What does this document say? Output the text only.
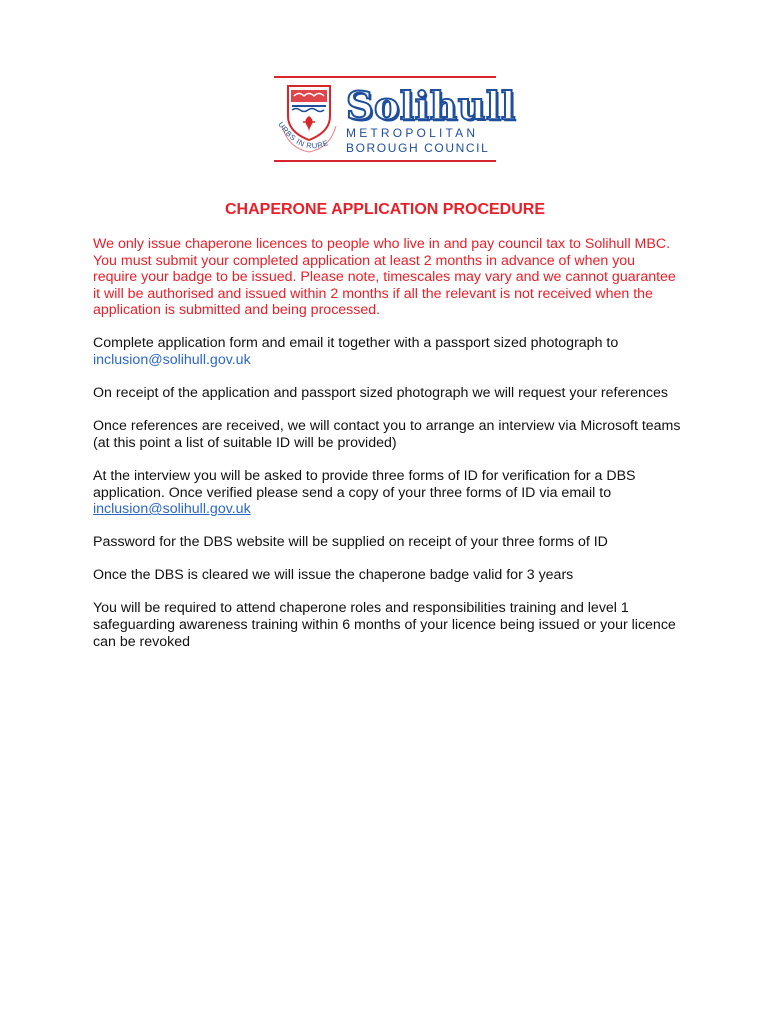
URBS IN RURE
Solihull
METROPOLITAN
BOROUGH COUNCIL
CHAPERONE APPLICATION PROCEDURE

We only issue chaperone licences to people who live in and pay council tax to Solihull MBC. You must submit your completed application at least 2 months in advance of when you require your badge to be issued. Please note, timescales may vary and we cannot guarantee it will be authorised and issued within 2 months if all the relevant is not received when the application is submitted and being processed.

Complete application form and email it together with a passport sized photograph to inclusion@solihull.gov.uk

On receipt of the application and passport sized photograph we will request your references

Once references are received, we will contact you to arrange an interview via Microsoft teams (at this point a list of suitable ID will be provided)

At the interview you will be asked to provide three forms of ID for verification for a DBS application. Once verified please send a copy of your three forms of ID via email to inclusion@solihull.gov.uk

Password for the DBS website will be supplied on receipt of your three forms of ID

Once the DBS is cleared we will issue the chaperone badge valid for 3 years

You will be required to attend chaperone roles and responsibilities training and level 1 safeguarding awareness training within 6 months of your licence being issued or your licence can be revoked
